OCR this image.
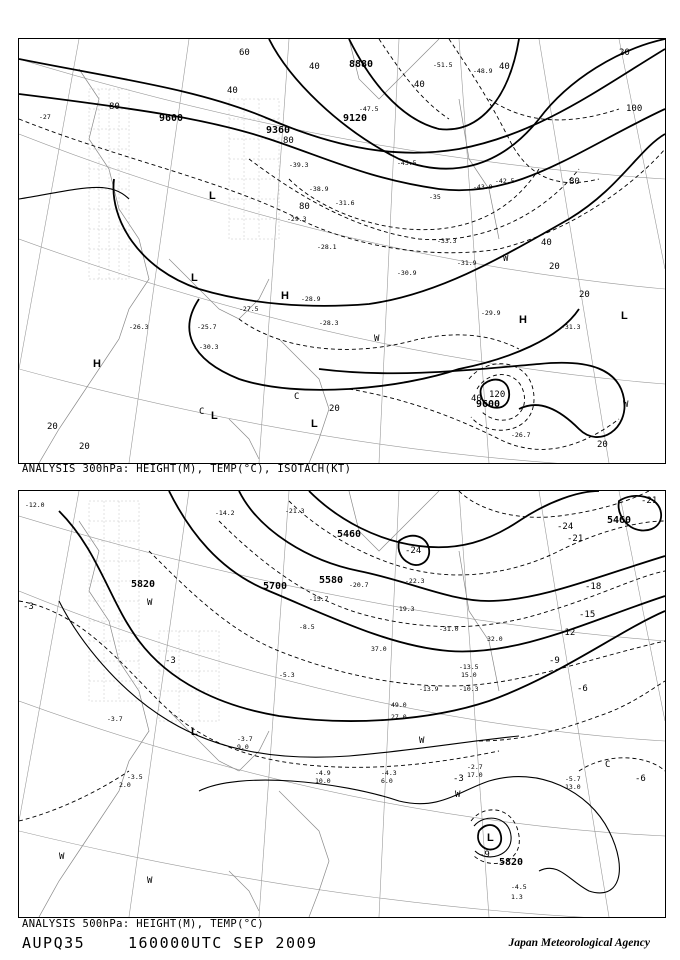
9600
9360
9120
8880
9600
80
40
60
80
80
40
20
100
80
40
20
20
40
20
20	20
120
20
40
40
H
H
L
L
H	L
L
C
C
L
W
W
W
-27
-26.3
-30.3
-27.5
-28.9
-28.3
-29.9
-31.3
-30.9
-31.9
-33.3
-35
-39.3
-43.9
-45.5
-47.5
-51.5
-48.9
-42.5
-26.7
-25.7
-28.1
-29.3
-31.6
-38.9
ANALYSIS 300hPa: HEIGHT(M), TEMP(°C), ISOTACH(KT)
5820	5700
5580
5460
5460
5820
-3
-3
-6
-9
-12
-15
-18
-21
-24
-21
-24
-3	-6
-9
W
L
L
W
W
C
W
W
-3.7
-3.5
2.0
-4.5
1.3
-5.7
13.0
-2.7
17.0
-4.3
6.0
-4.9
10.0
-3.7
9.0
-5.3
-8.5
-13.9
-15.7
-19.3
-22.3
-20.7
-31.0
-10.3
-13.5
49.0
32.0
37.0
15.0
27.0
-12.0
-14.2	-21.3
ANALYSIS 500hPa: HEIGHT(M), TEMP(°C)
AUPQ35	160000UTC SEP 2009	Japan Meteorological Agency
